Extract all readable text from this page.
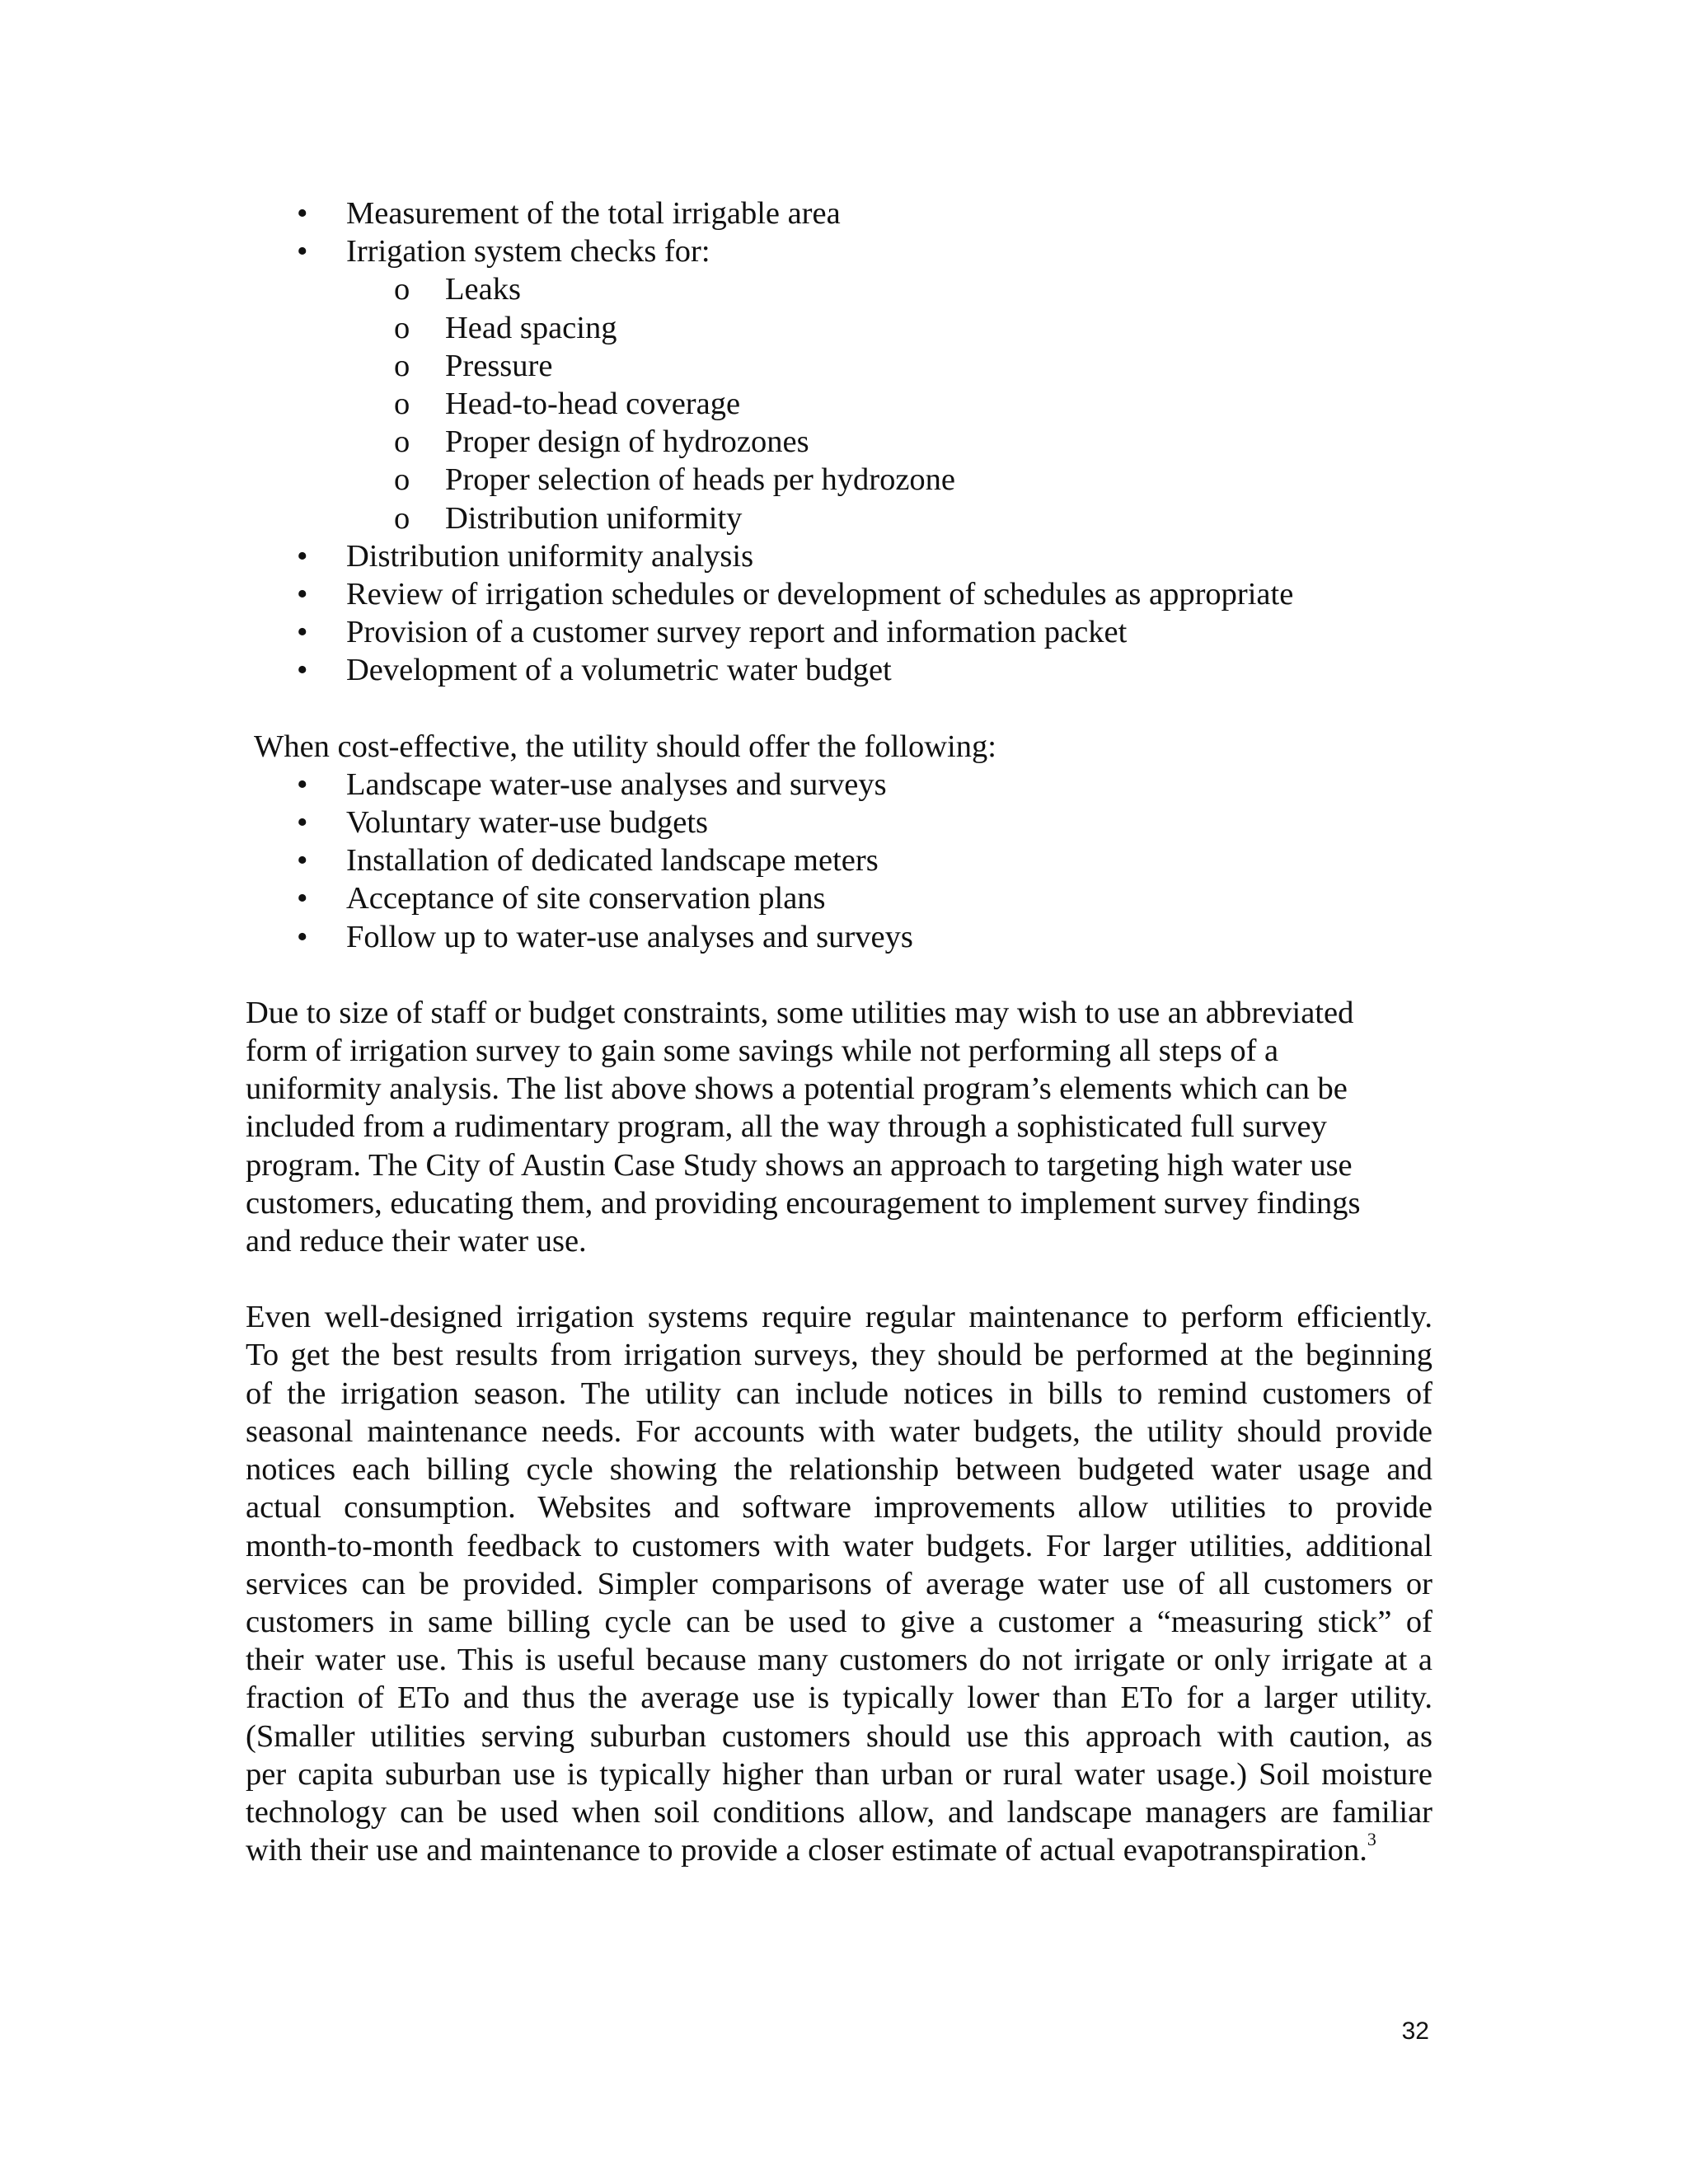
• Measurement of the total irrigable area
• Irrigation system checks for:
o Leaks
o Head spacing
o Pressure
o Head-to-head coverage
o Proper design of hydrozones
o Proper selection of heads per hydrozone
o Distribution uniformity
• Distribution uniformity analysis
• Review of irrigation schedules or development of schedules as appropriate
• Provision of a customer survey report and information packet
• Development of a volumetric water budget

When cost-effective, the utility should offer the following:

• Landscape water-use analyses and surveys
• Voluntary water-use budgets
• Installation of dedicated landscape meters
• Acceptance of site conservation plans
• Follow up to water-use analyses and surveys
Due to size of staff or budget constraints, some utilities may wish to use an abbreviated
form of irrigation survey to gain some savings while not performing all steps of a
uniformity analysis. The list above shows a potential program’s elements which can be
included from a rudimentary program, all the way through a sophisticated full survey
program. The City of Austin Case Study shows an approach to targeting high water use
customers, educating them, and providing encouragement to implement survey findings
and reduce their water use.
Even well-designed irrigation systems require regular maintenance to perform efficiently.
To get the best results from irrigation surveys, they should be performed at the beginning
of the irrigation season. The utility can include notices in bills to remind customers of
seasonal maintenance needs. For accounts with water budgets, the utility should provide
notices each billing cycle showing the relationship between budgeted water usage and
actual consumption. Websites and software improvements allow utilities to provide
month-to-month feedback to customers with water budgets. For larger utilities, additional
services can be provided. Simpler comparisons of average water use of all customers or
customers in same billing cycle can be used to give a customer a “measuring stick” of
their water use. This is useful because many customers do not irrigate or only irrigate at a
fraction of ETo and thus the average use is typically lower than ETo for a larger utility.
(Smaller utilities serving suburban customers should use this approach with caution, as
per capita suburban use is typically higher than urban or rural water usage.) Soil moisture
technology can be used when soil conditions allow, and landscape managers are familiar
with their use and maintenance to provide a closer estimate of actual evapotranspiration.$^3$
32
